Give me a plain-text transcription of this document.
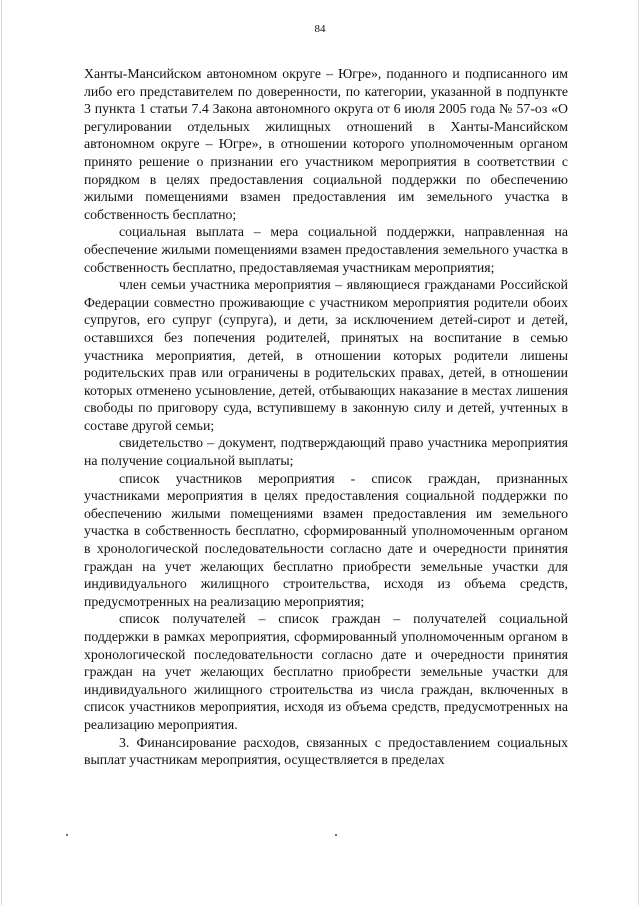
84

Ханты-Мансийском автономном округе – Югре», поданного и подписанного им либо его представителем по доверенности, по категории, указанной в подпункте 3 пункта 1 статьи 7.4 Закона автономного округа от 6 июля 2005 года № 57-оз «О регулировании отдельных жилищных отношений в Ханты-Мансийском автономном округе – Югре», в отношении которого уполномоченным органом принято решение о признании его участником мероприятия в соответствии с порядком в целях предоставления социальной поддержки по обеспечению жилыми помещениями взамен предоставления им земельного участка в собственность бесплатно;

социальная выплата – мера социальной поддержки, направленная на обеспечение жилыми помещениями взамен предоставления земельного участка в собственность бесплатно, предоставляемая участникам мероприятия;

член семьи участника мероприятия – являющиеся гражданами Российской Федерации совместно проживающие с участником мероприятия родители обоих супругов, его супруг (супруга), и дети, за исключением детей-сирот и детей, оставшихся без попечения родителей, принятых на воспитание в семью участника мероприятия, детей, в отношении которых родители лишены родительских прав или ограничены в родительских правах, детей, в отношении которых отменено усыновление, детей, отбывающих наказание в местах лишения свободы по приговору суда, вступившему в законную силу и детей, учтенных в составе другой семьи;

свидетельство – документ, подтверждающий право участника мероприятия на получение социальной выплаты;

список участников мероприятия - список граждан, признанных участниками мероприятия в целях предоставления социальной поддержки по обеспечению жилыми помещениями взамен предоставления им земельного участка в собственность бесплатно, сформированный уполномоченным органом в хронологической последовательности согласно дате и очередности принятия граждан на учет желающих бесплатно приобрести земельные участки для индивидуального жилищного строительства, исходя из объема средств, предусмотренных на реализацию мероприятия;

список получателей – список граждан – получателей социальной поддержки в рамках мероприятия, сформированный уполномоченным органом в хронологической последовательности согласно дате и очередности принятия граждан на учет желающих бесплатно приобрести земельные участки для индивидуального жилищного строительства из числа граждан, включенных в список участников мероприятия, исходя из объема средств, предусмотренных на реализацию мероприятия.

3. Финансирование расходов, связанных с предоставлением социальных выплат участникам мероприятия, осуществляется в пределах
